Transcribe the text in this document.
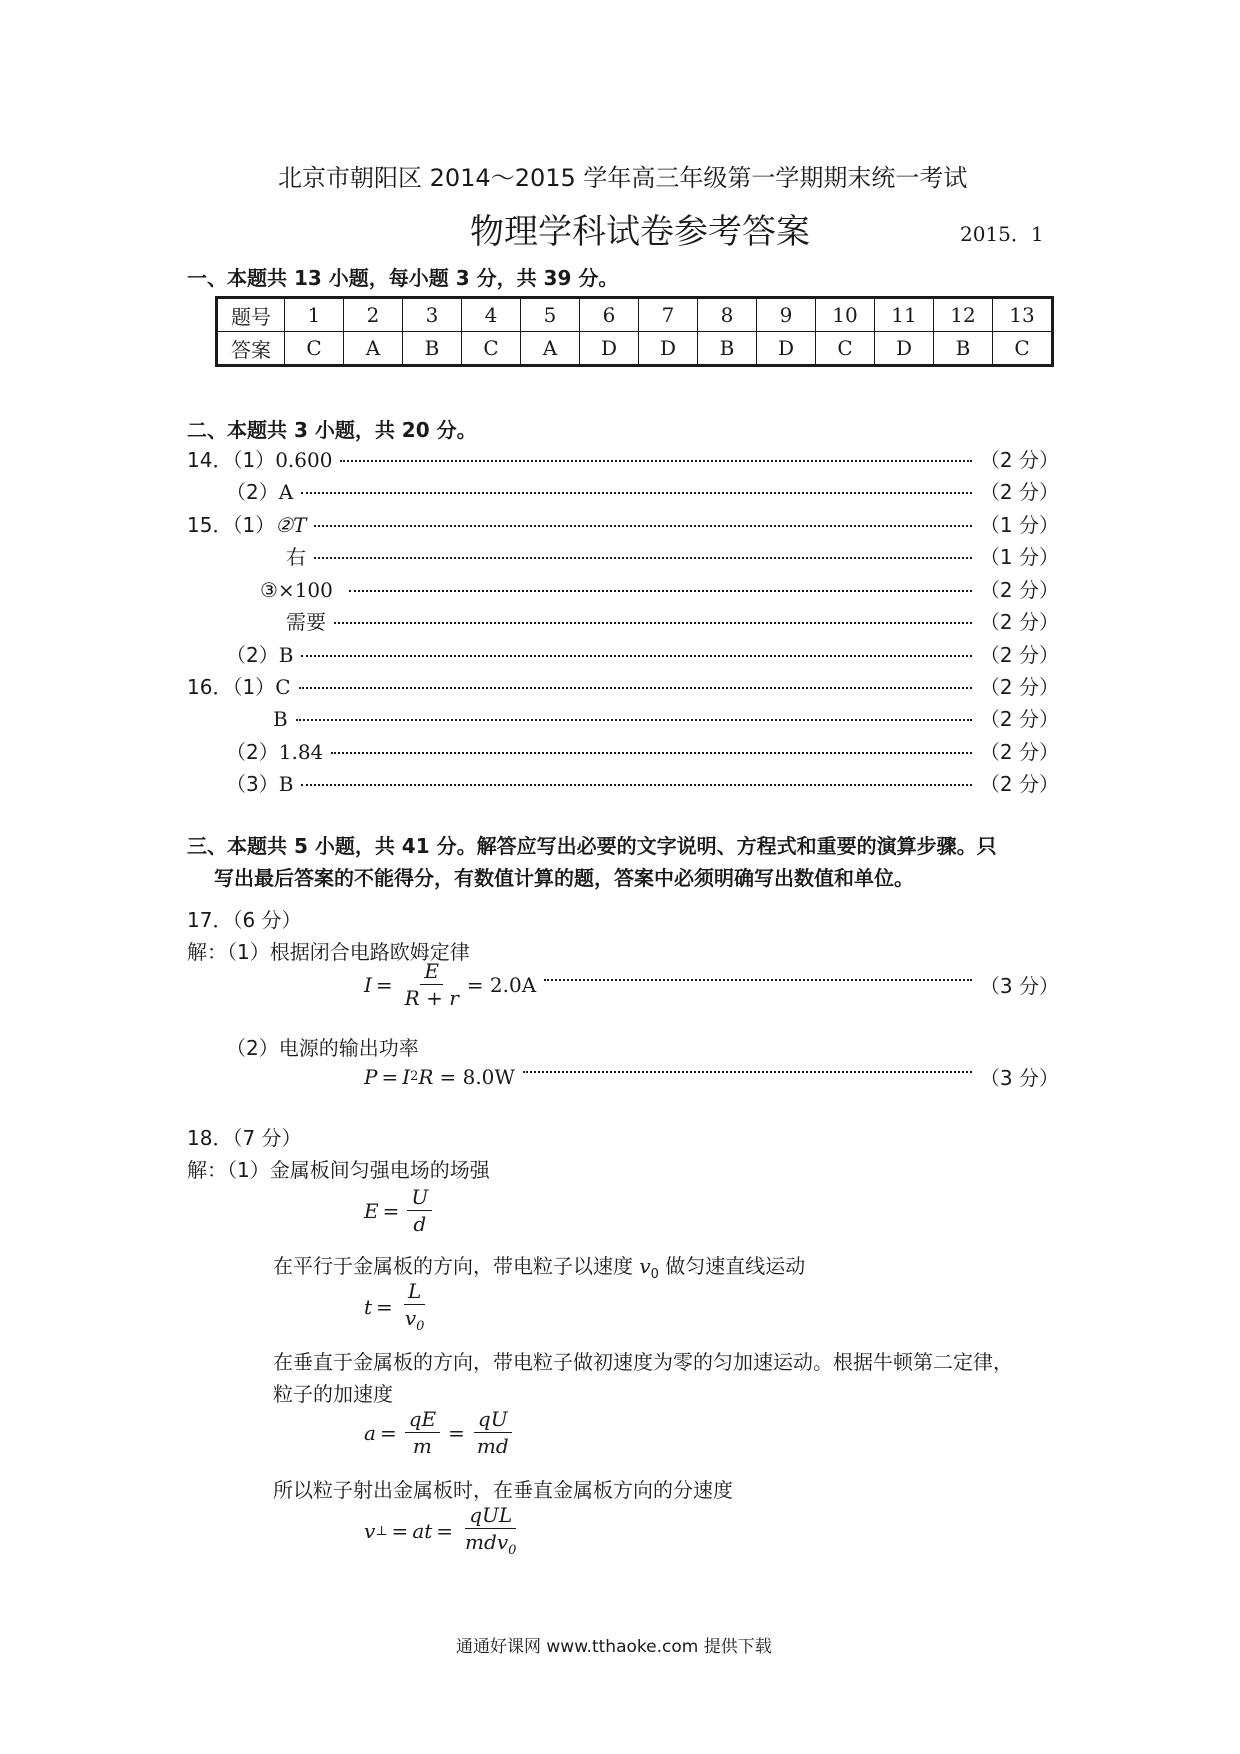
北京市朝阳区 2014～2015 学年高三年级第一学期期末统一考试
物理学科试卷参考答案	2015．1
一、本题共 13 小题，每小题 3 分，共 39 分。
题号	1	2	3	4	5	6	7	8	9	10	11	12	13
答案	C	A	B	C	A	D	D	B	D	C	D	B	C
二、本题共 3 小题，共 20 分。
14．（1） 0.600	（2 分）
（2） A	（2 分）
15．（1） ②T	（1 分）
右	（1 分）
③×100	（2 分）
需要	（2 分）
（2） B	（2 分）
16．（1） C	（2 分）
B	（2 分）
（2） 1.84	（2 分）
（3） B	（2 分）
三、本题共 5 小题，共 41 分。解答应写出必要的文字说明、方程式和重要的演算步骤。只
写出最后答案的不能得分，有数值计算的题，答案中必须明确写出数值和单位。
17．（6 分）
解：（1）根据闭合电路欧姆定律
$I = \frac{E}{R + r} = 2.0A$	（3 分）
（2）电源的输出功率
P = I 2 R = 8.0W	（3 分）
18．（7 分）
解：（1）金属板间匀强电场的场强
$E = \frac{U}{d}$
在平行于金属板的方向，带电粒子以速度 $v_0$ 做匀速直线运动
$t = \frac{L}{v_0}$
在垂直于金属板的方向，带电粒子做初速度为零的匀加速运动。根据牛顿第二定律，
粒子的加速度
$a = \frac{qE}{m} = \frac{qU}{md}$
所以粒子射出金属板时，在垂直金属板方向的分速度
v ⊥ = at = $\frac{\text{qUL}}{mdv_0}$
通通好课网 www.tthaoke.com 提供下载
